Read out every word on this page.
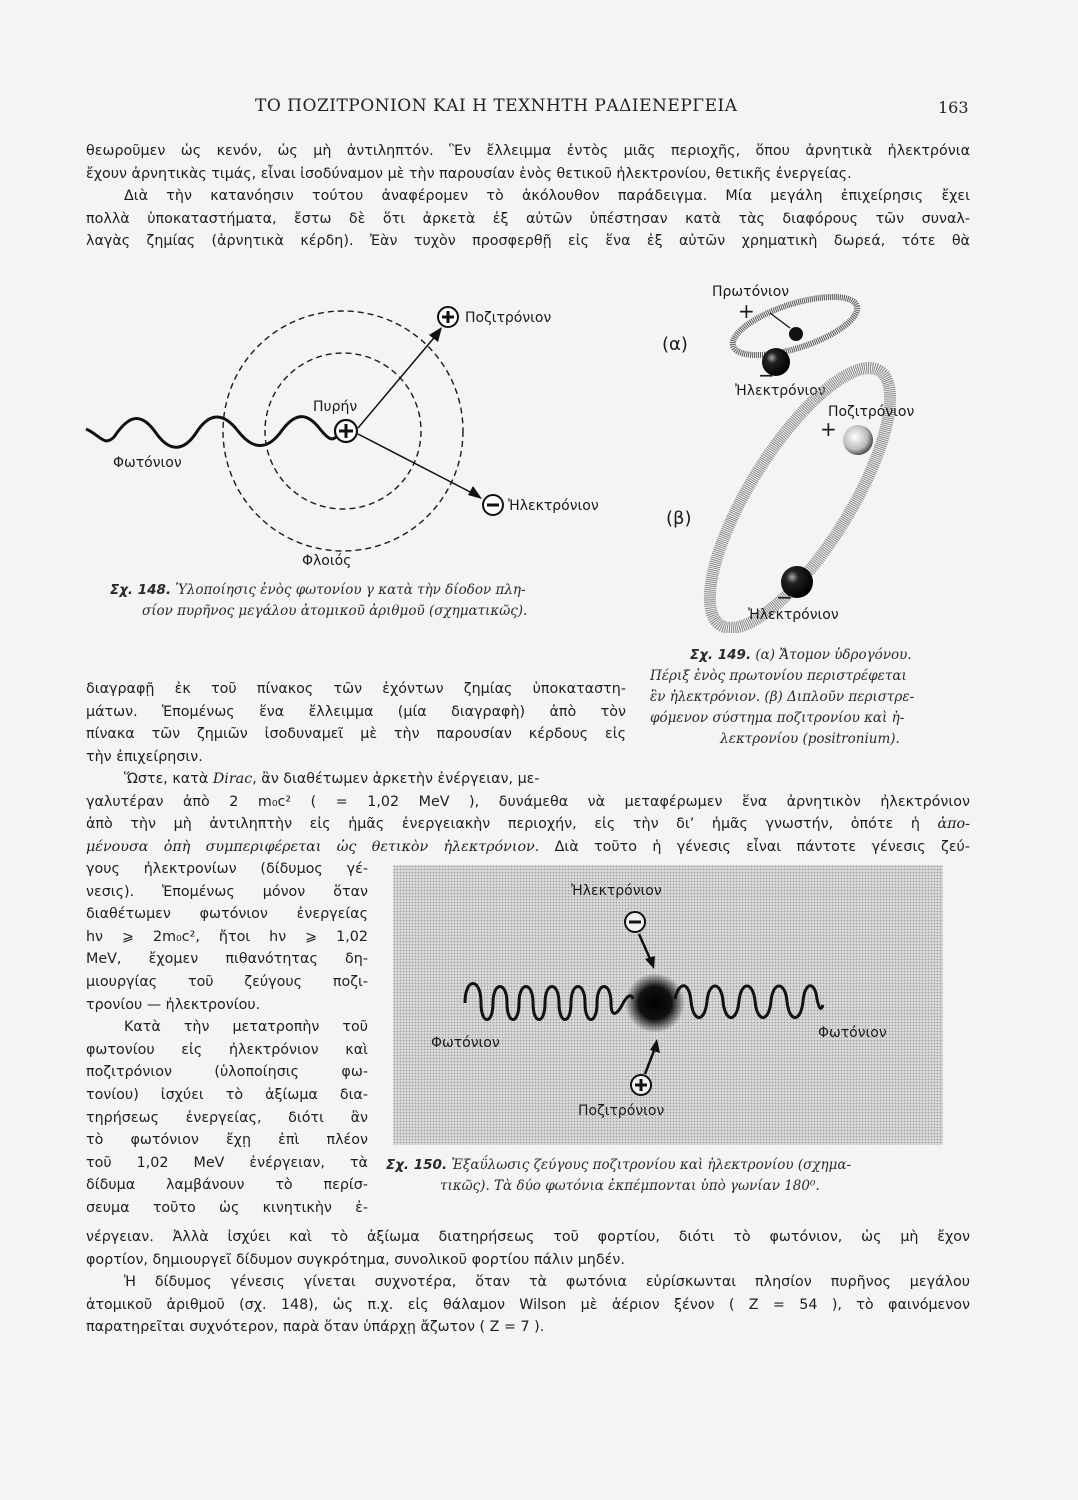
ΤΟ ΠΟΖΙΤΡΟΝΙΟΝ ΚΑΙ Η ΤΕΧΝΗΤΗ ΡΑΔΙΕΝΕΡΓΕΙΑ	163

θεωροῦμεν ὡς κενόν, ὡς μὴ ἀντιληπτόν. Ἓν ἔλλειμμα ἐντὸς μιᾶς περιοχῆς, ὅπου ἀρνητικὰ ἠλεκτρόνια

ἔχουν ἀρνητικὰς τιμάς, εἶναι ἰσοδύναμον μὲ τὴν παρουσίαν ἑνὸς θετικοῦ ἠλεκτρονίου, θετικῆς ἐνεργείας.

Διὰ τὴν κατανόησιν τούτου ἀναφέρομεν τὸ ἀκόλουθον παράδειγμα. Μία μεγάλη ἐπιχείρησις ἔχει

πολλὰ ὑποκαταστήματα, ἔστω δὲ ὅτι ἀρκετὰ ἐξ αὐτῶν ὑπέστησαν κατὰ τὰς διαφόρους τῶν συναλ-

λαγὰς ζημίας (ἀρνητικὰ κέρδη). Ἐὰν τυχὸν προσφερθῇ εἰς ἕνα ἐξ αὐτῶν χρηματικὴ δωρεά, τότε θὰ

Ποζιτρόνιον
Πυρήν
Φωτόνιον
Ἠλεκτρόνιον
Φλοιός
Σχ. 148. Ὑλοποίησις ἑνὸς φωτονίου γ κατὰ τὴν δίοδον πλη-
σίον πυρῆνος μεγάλου ἀτομικοῦ ἀριθμοῦ (σχηματικῶς).
Πρωτόνιον
+
−
(α)
Ἠλεκτρόνιον
Ποζιτρόνιον
+
−
(β)
Ἠλεκτρόνιον
Σχ. 149. (α) Ἄτομον ὑδρογόνου.
Πέριξ ἑνὸς πρωτονίου περιστρέφεται
ἓν ἠλεκτρόνιον. (β) Διπλοῦν περιστρε-
φόμενον σύστημα ποζιτρονίου καὶ ἠ-
λεκτρονίου (positronium).

διαγραφῇ ἐκ τοῦ πίνακος τῶν ἐχόντων ζημίας ὑποκαταστη-

μάτων. Ἑπομένως ἕνα ἔλλειμμα (μία διαγραφὴ) ἀπὸ τὸν

πίνακα τῶν ζημιῶν ἰσοδυναμεῖ μὲ τὴν παρουσίαν κέρδους εἰς

τὴν ἐπιχείρησιν.

Ὥστε, κατὰ Dirac, ἂν διαθέτωμεν ἀρκετὴν ἐνέργειαν, με-

γαλυτέραν ἀπὸ 2 m₀c² ( = 1,02 MeV ), δυνάμεθα νὰ μεταφέρωμεν ἕνα ἀρνητικὸν ἠλεκτρόνιον

ἀπὸ τὴν μὴ ἀντιληπτὴν εἰς ἡμᾶς ἐνεργειακὴν περιοχήν, εἰς τὴν δι’ ἡμᾶς γνωστήν, ὁπότε ἡ ἀπο-

μένουσα ὀπὴ συμπεριφέρεται ὡς θετικὸν ἠλεκτρόνιον. Διὰ τοῦτο ἡ γένεσις εἶναι πάντοτε γένεσις ζεύ-

γους ἠλεκτρονίων (δίδυμος γέ-

νεσις). Ἑπομένως μόνον ὅταν

διαθέτωμεν φωτόνιον ἐνεργείας

hν ⩾ 2m₀c², ἤτοι hν ⩾ 1,02

MeV, ἔχομεν πιθανότητας δη-

μιουργίας τοῦ ζεύγους ποζι-

τρονίου — ἠλεκτρονίου.

Κατὰ τὴν μετατροπὴν τοῦ

φωτονίου εἰς ἠλεκτρόνιον καὶ

ποζιτρόνιον (ὑλοποίησις φω-

τονίου) ἰσχύει τὸ ἀξίωμα δια-

τηρήσεως ἐνεργείας, διότι ἂν

τὸ φωτόνιον ἔχῃ ἐπὶ πλέον

τοῦ 1,02 MeV ἐνέργειαν, τὰ

δίδυμα λαμβάνουν τὸ περίσ-

σευμα τοῦτο ὡς κινητικὴν ἐ-

Ἠλεκτρόνιον
Ποζιτρόνιον
Φωτόνιον
Φωτόνιον
Σχ. 150. Ἐξαΰλωσις ζεύγους ποζιτρονίου καὶ ἠλεκτρονίου (σχημα-
τικῶς). Τὰ δύο φωτόνια ἐκπέμπονται ὑπὸ γωνίαν 180⁰.

νέργειαν. Ἀλλὰ ἰσχύει καὶ τὸ ἀξίωμα διατηρήσεως τοῦ φορτίου, διότι τὸ φωτόνιον, ὡς μὴ ἔχον

φορτίον, δημιουργεῖ δίδυμον συγκρότημα, συνολικοῦ φορτίου πάλιν μηδέν.

Ἡ δίδυμος γένεσις γίνεται συχνοτέρα, ὅταν τὰ φωτόνια εὑρίσκωνται πλησίον πυρῆνος μεγάλου

ἀτομικοῦ ἀριθμοῦ (σχ. 148), ὡς π.χ. εἰς θάλαμον Wilson μὲ ἀέριον ξένον ( Z = 54 ), τὸ φαινόμενον

παρατηρεῖται συχνότερον, παρὰ ὅταν ὑπάρχῃ ἄζωτον ( Z = 7 ).
